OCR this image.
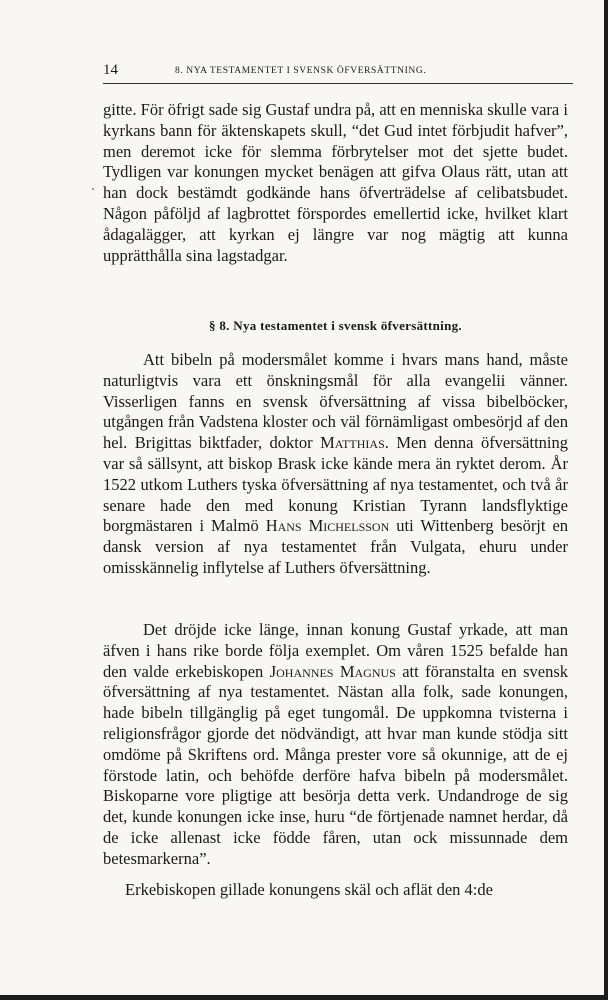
14	8. NYA TESTAMENTET I SVENSK ÖFVERSÄTTNING.

gitte. För öfrigt sade sig Gustaf undra på, att en menniska skulle vara i kyrkans bann för äktenskapets skull, “det Gud intet förbjudit hafver”, men deremot icke för slemma förbrytelser mot det sjette budet. Tydligen var konungen mycket benägen att gifva Olaus rätt, utan att han dock bestämdt godkände hans öfverträdelse af celibatsbudet. Någon påföljd af lagbrottet förspordes emellertid icke, hvilket klart ådagalägger, att kyrkan ej längre var nog mägtig att kunna upprätthålla sina lagstadgar.

§ 8. Nya testamentet i svensk öfversättning.

Att bibeln på modersmålet komme i hvars mans hand, måste naturligtvis vara ett önskningsmål för alla evangelii vänner. Visserligen fanns en svensk öfversättning af vissa bibelböcker, utgången från Vadstena kloster och väl förnämligast ombesörjd af den hel. Brigittas biktfader, doktor Matthias. Men denna öfversättning var så sällsynt, att biskop Brask icke kände mera än ryktet derom. År 1522 utkom Luthers tyska öfversättning af nya testamentet, och två år senare hade den med konung Kristian Tyrann landsflyktige borgmästaren i Malmö Hans Michelsson uti Wittenberg besörjt en dansk version af nya testamentet från Vulgata, ehuru under omisskännelig inflytelse af Luthers öfversättning.

Det dröjde icke länge, innan konung Gustaf yrkade, att man äfven i hans rike borde följa exemplet. Om våren 1525 befalde han den valde erkebiskopen Johannes Magnus att föranstalta en svensk öfversättning af nya testamentet. Nästan alla folk, sade konungen, hade bibeln tillgänglig på eget tungomål. De uppkomna tvisterna i religionsfrågor gjorde det nödvändigt, att hvar man kunde stödja sitt omdöme på Skriftens ord. Många prester vore så okunnige, att de ej förstode latin, och behöfde derföre hafva bibeln på modersmålet. Biskoparne vore pligtige att besörja detta verk. Undandroge de sig det, kunde konungen icke inse, huru “de förtjenade namnet herdar, då de icke allenast icke födde fåren, utan ock missunnade dem betesmarkerna”.

Erkebiskopen gillade konungens skäl och aflät den 4:de
